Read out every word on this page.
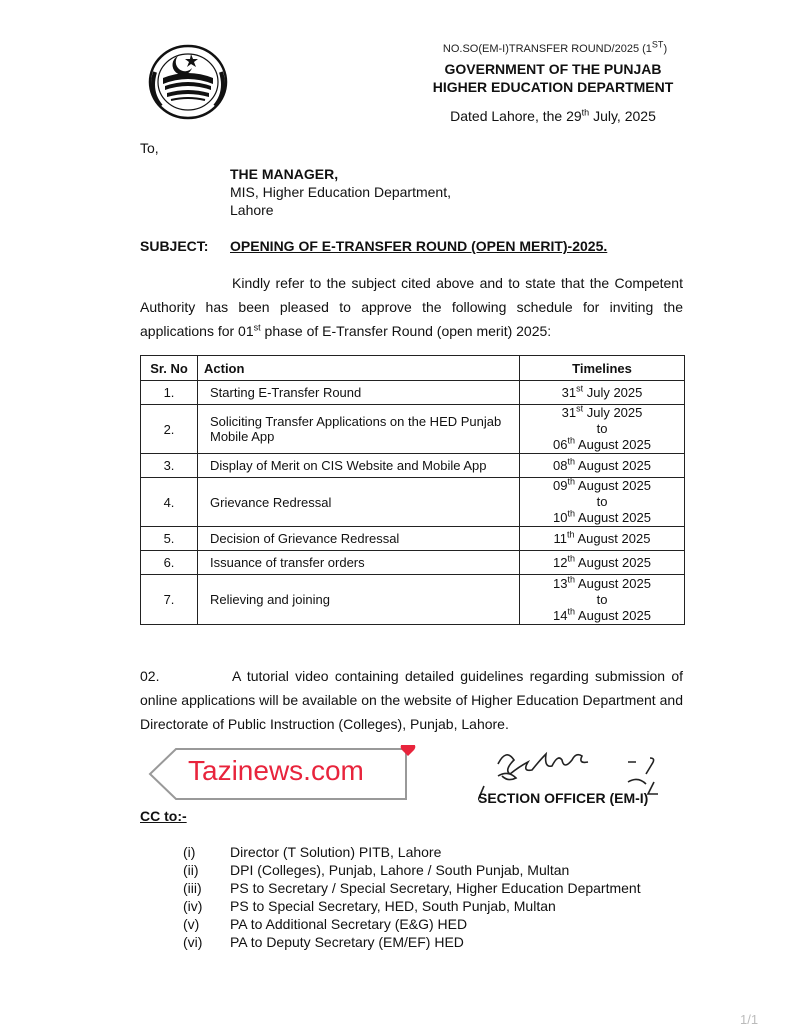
NO.SO(EM-I)TRANSFER ROUND/2025 (1ST)
GOVERNMENT OF THE PUNJAB
HIGHER EDUCATION DEPARTMENT
Dated Lahore, the 29th July, 2025
To,
THE MANAGER,
MIS, Higher Education Department,
Lahore
SUBJECT: OPENING OF E-TRANSFER ROUND (OPEN MERIT)-2025.
Kindly refer to the subject cited above and to state that the Competent Authority has been pleased to approve the following schedule for inviting the applications for 01st phase of E-Transfer Round (open merit) 2025:
Sr. No	Action	Timelines
1.	Starting E-Transfer Round	31st July 2025

2.	Soliciting Transfer Applications on the HED Punjab Mobile App	31st July 2025
to
06th August 2025

3.	Display of Merit on CIS Website and Mobile App	08th August 2025

4.	Grievance Redressal	09th August 2025
to
10th August 2025

5.	Decision of Grievance Redressal	11th August 2025

6.	Issuance of transfer orders	12th August 2025

7.	Relieving and joining	13th August 2025
to
14th August 2025
02.	A tutorial video containing detailed guidelines regarding submission of online applications will be available on the website of Higher Education Department and Directorate of Public Instruction (Colleges), Punjab, Lahore.
Tazinews.com
SECTION OFFICER (EM-I)
CC to:-
(i)	Director (T Solution) PITB, Lahore
(ii)	DPI (Colleges), Punjab, Lahore / South Punjab, Multan
(iii)	PS to Secretary / Special Secretary, Higher Education Department
(iv)	PS to Special Secretary, HED, South Punjab, Multan
(v)	PA to Additional Secretary (E&G) HED
(vi)	PA to Deputy Secretary (EM/EF) HED
1/1
